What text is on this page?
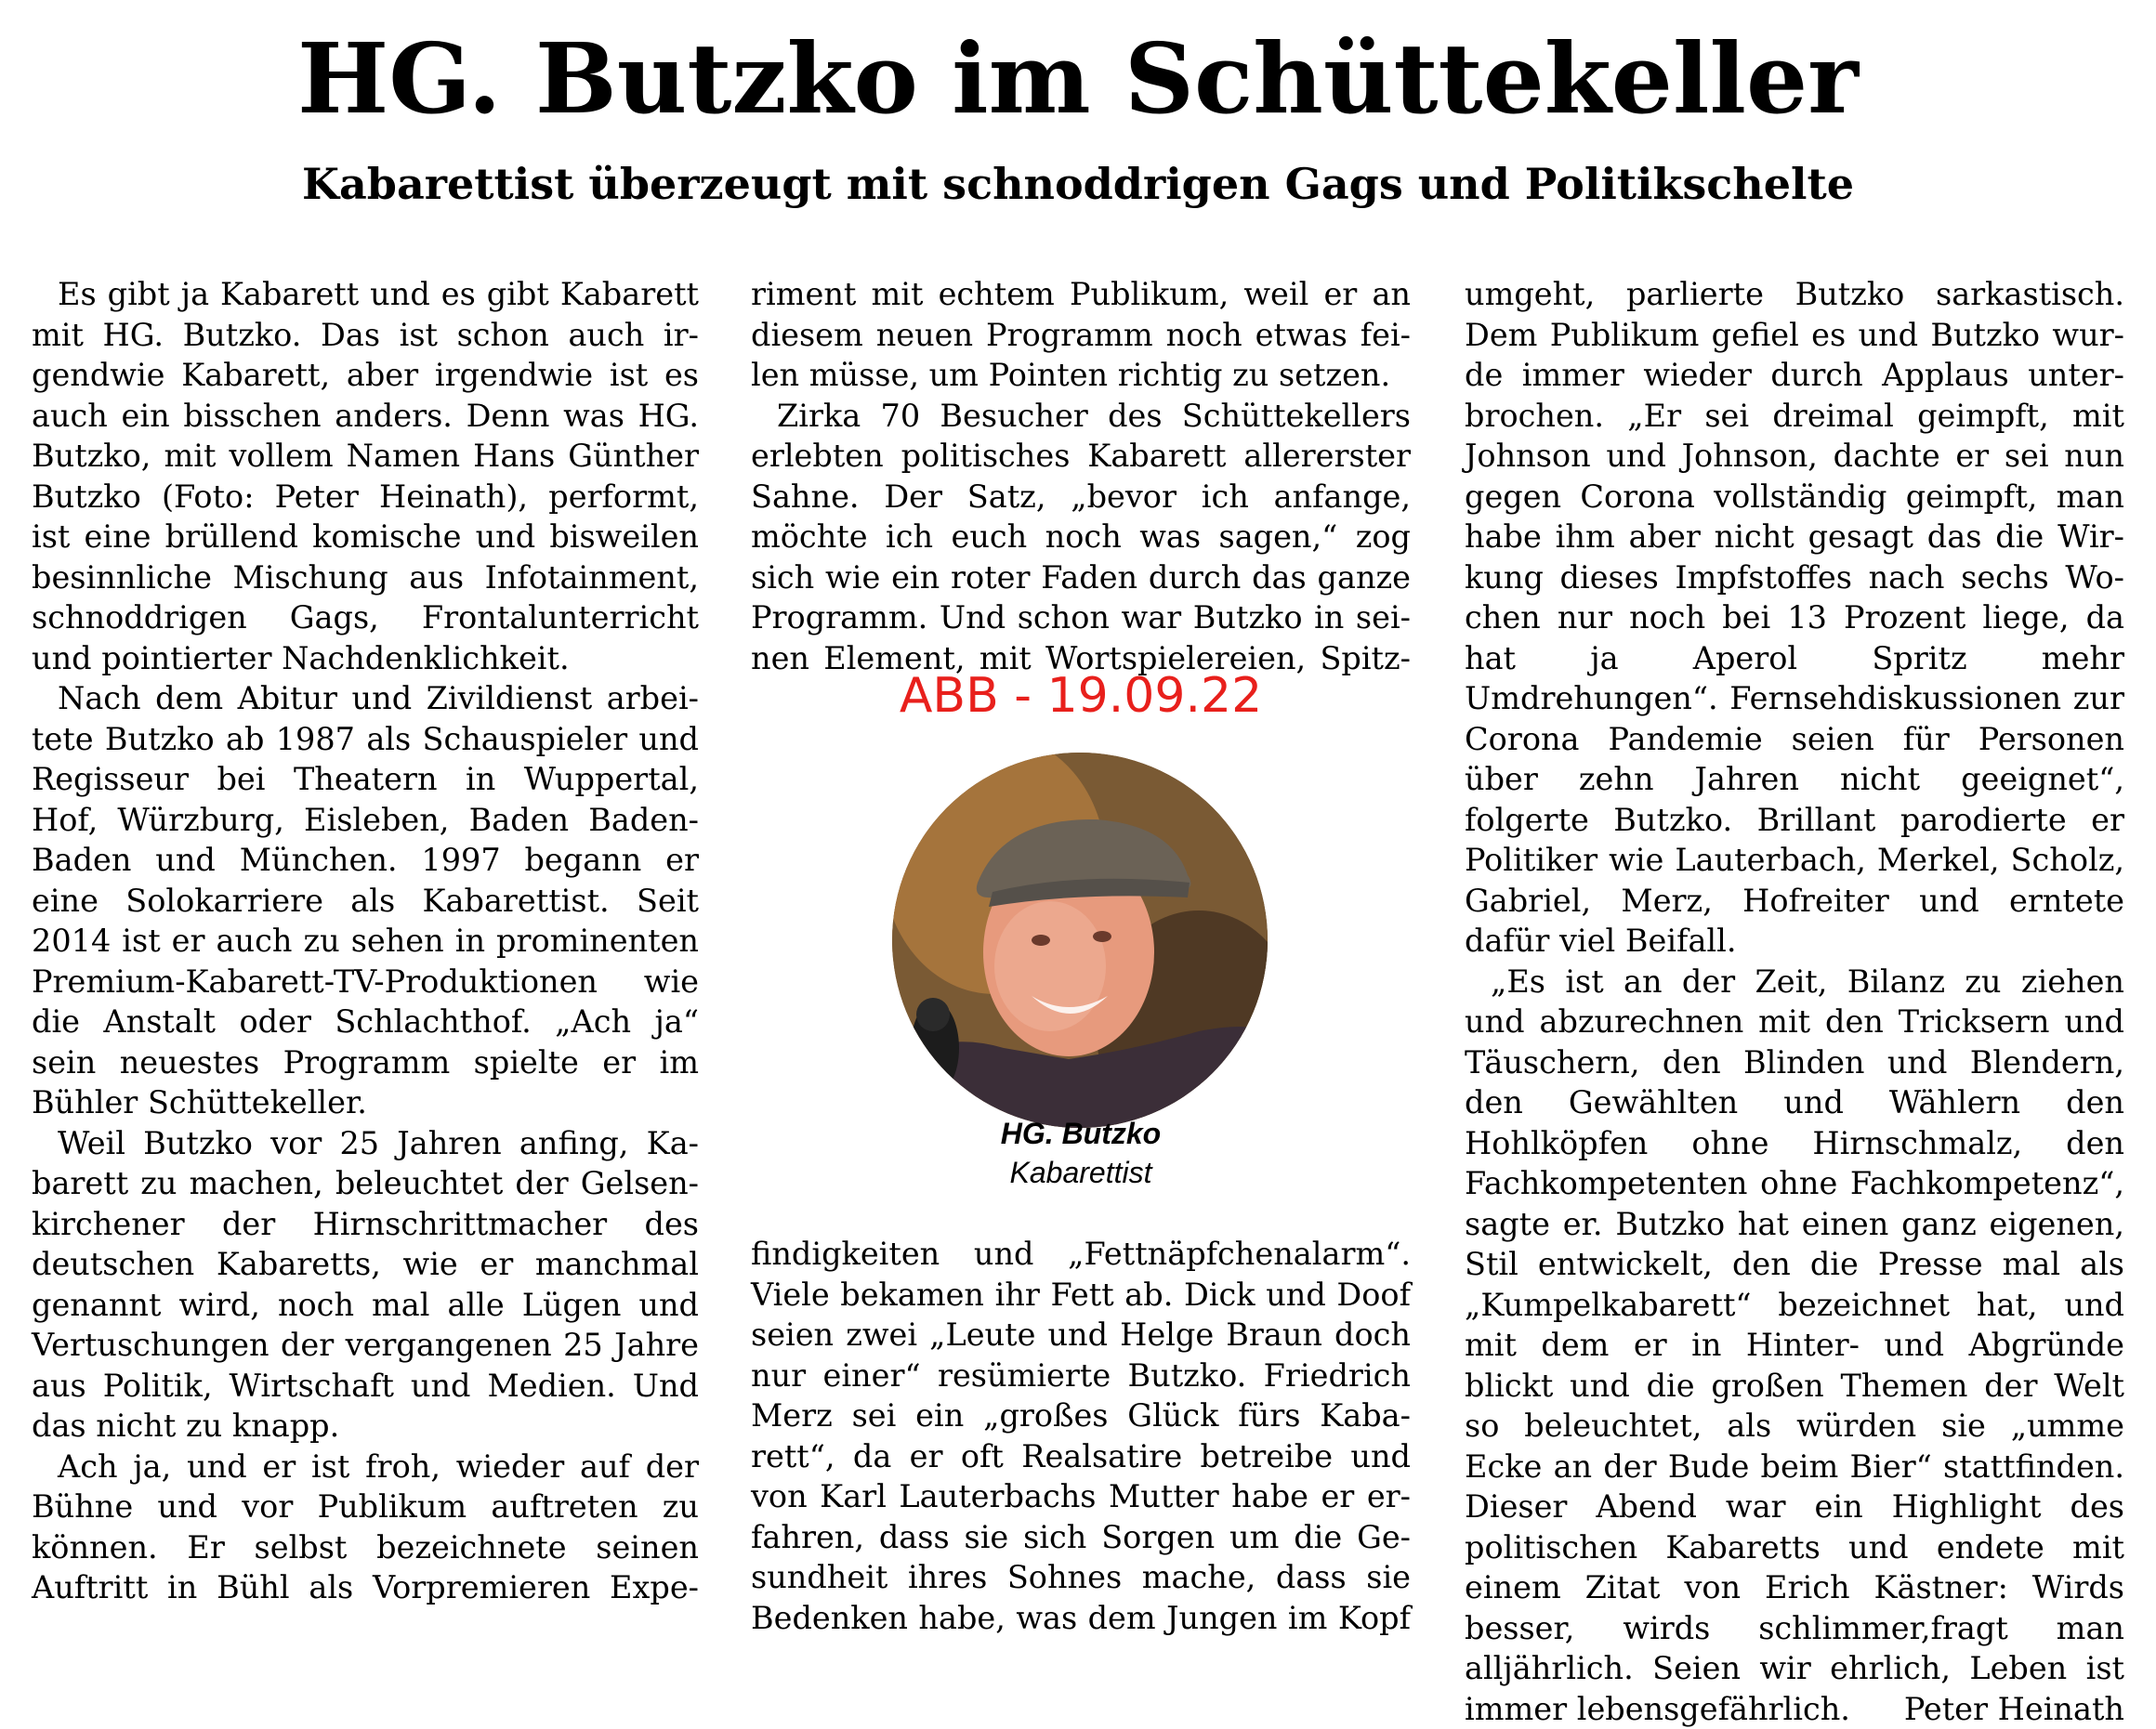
HG. Butzko im Schüttekeller
Kabarettist überzeugt mit schnoddrigen Gags und Politikschelte

Es gibt ja Kabarett und es gibt Kabarett mit HG. Butzko. Das ist schon auch irgendwie Kabarett, aber irgendwie ist es auch ein bisschen anders. Denn was HG. Butzko, mit vollem Namen Hans Günther Butzko (Foto: Peter Heinath), performt, ist eine brüllend komische und bisweilen besinnliche Mischung aus Infotainment, schnoddrigen Gags, Frontalunterricht und pointierter Nachdenklichkeit.

Nach dem Abitur und Zivildienst arbeitete Butzko ab 1987 als Schauspieler und Regisseur bei Theatern in Wuppertal, Hof, Würzburg, Eisleben, Baden Baden-Baden und München. 1997 begann er eine Solokarriere als Kabarettist. Seit 2014 ist er auch zu sehen in prominenten Premium-Kabarett-TV-Produktionen wie die Anstalt oder Schlachthof. „Ach ja“ sein neuestes Programm spielte er im Bühler Schüttekeller.

Weil Butzko vor 25 Jahren anfing, Kabarett zu machen, beleuchtet der Gelsenkirchener der Hirnschrittmacher des deutschen Kabaretts, wie er manchmal genannt wird, noch mal alle Lügen und Vertuschungen der vergangenen 25 Jahre aus Politik, Wirtschaft und Medien. Und das nicht zu knapp.

Ach ja, und er ist froh, wieder auf der Bühne und vor Publikum auftreten zu können. Er selbst bezeichnete seinen Auftritt in Bühl als Vorpremieren Expe-

riment mit echtem Publikum, weil er an diesem neuen Programm noch etwas feilen müsse, um Pointen richtig zu setzen.

Zirka 70 Besucher des Schüttekellers erlebten politisches Kabarett allererster Sahne. Der Satz, „bevor ich anfange, möchte ich euch noch was sagen,“ zog sich wie ein roter Faden durch das ganze Programm. Und schon war Butzko in seinen Element, mit Wortspielereien, Spitz-

ABB - 19.09.22
HG. Butzko
Kabarettist

findigkeiten und „Fettnäpfchenalarm“. Viele bekamen ihr Fett ab. Dick und Doof seien zwei „Leute und Helge Braun doch nur einer“ resümierte Butzko. Friedrich Merz sei ein „großes Glück fürs Kabarett“, da er oft Realsatire betreibe und von Karl Lauterbachs Mutter habe er erfahren, dass sie sich Sorgen um die Gesundheit ihres Sohnes mache, dass sie Bedenken habe, was dem Jungen im Kopf

umgeht, parlierte Butzko sarkastisch. Dem Publikum gefiel es und Butzko wurde immer wieder durch Applaus unterbrochen. „Er sei dreimal geimpft, mit Johnson und Johnson, dachte er sei nun gegen Corona vollständig geimpft, man habe ihm aber nicht gesagt das die Wirkung dieses Impfstoffes nach sechs Wochen nur noch bei 13 Prozent liege, da hat ja Aperol Spritz mehr Umdrehungen“. Fernsehdiskussionen zur Corona Pandemie seien für Personen über zehn Jahren nicht geeignet“, folgerte Butzko. Brillant parodierte er Politiker wie Lauterbach, Merkel, Scholz, Gabriel, Merz, Hofreiter und erntete dafür viel Beifall.

„Es ist an der Zeit, Bilanz zu ziehen und abzurechnen mit den Tricksern und Täuschern, den Blinden und Blendern, den Gewählten und Wählern den Hohlköpfen ohne Hirnschmalz, den Fachkompetenten ohne Fachkompetenz“, sagte er. Butzko hat einen ganz eigenen, Stil entwickelt, den die Presse mal als „Kumpelkabarett“ bezeichnet hat, und mit dem er in Hinter- und Abgründe blickt und die großen Themen der Welt so beleuchtet, als würden sie „umme Ecke an der Bude beim Bier“ stattfinden. Dieser Abend war ein Highlight des politischen Kabaretts und endete mit einem Zitat von Erich Kästner: Wirds besser, wirds schlimmer,fragt man alljährlich. Seien wir ehrlich, Leben ist immer lebensgefährlich.	Peter Heinath
